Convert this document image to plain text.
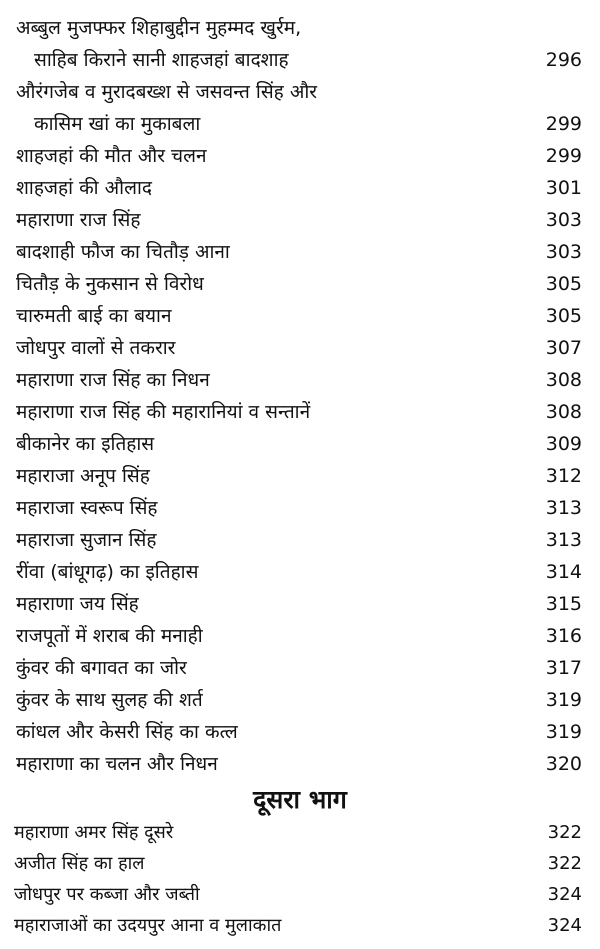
अब्बुल मुजफ्फर शिहाबुद्दीन मुहम्मद खुर्रम,
साहिब किराने सानी शाहजहां बादशाह	296
औरंगजेब व मुरादबख्श से जसवन्त सिंह और
कासिम खां का मुकाबला	299
शाहजहां की मौत और चलन	299
शाहजहां की औलाद	301
महाराणा राज सिंह	303
बादशाही फौज का चितौड़ आना	303
चितौड़ के नुकसान से विरोध	305
चारुमती बाई का बयान	305
जोधपुर वालों से तकरार	307
महाराणा राज सिंह का निधन	308
महाराणा राज सिंह की महारानियां व सन्तानें	308
बीकानेर का इतिहास	309
महाराजा अनूप सिंह	312
महाराजा स्वरूप सिंह	313
महाराजा सुजान सिंह	313
रींवा (बांधूगढ़) का इतिहास	314
महाराणा जय सिंह	315
राजपूतों में शराब की मनाही	316
कुंवर की बगावत का जोर	317
कुंवर के साथ सुलह की शर्त	319
कांधल और केसरी सिंह का कत्ल	319
महाराणा का चलन और निधन	320
दूसरा भाग
महाराणा अमर सिंह दूसरे	322
अजीत सिंह का हाल	322
जोधपुर पर कब्जा और जब्ती	324
महाराजाओं का उदयपुर आना व मुलाकात	324
